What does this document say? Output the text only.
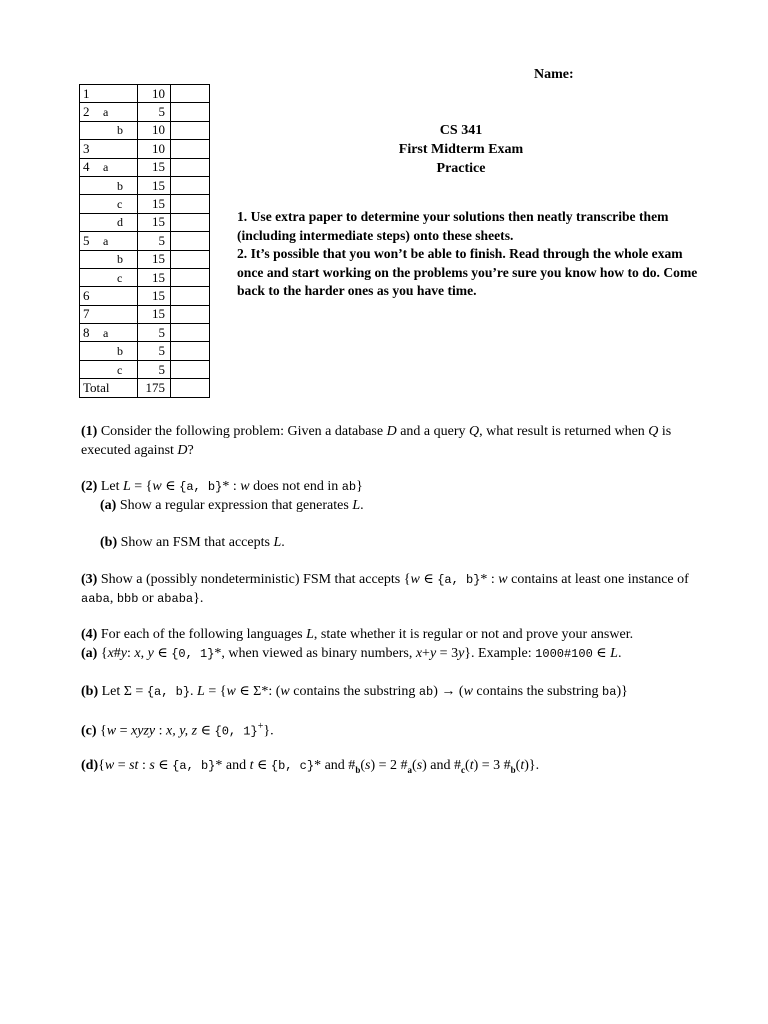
Name:
1	10	
2 a	5	
b	10	
3	10	
4 a	15	
b	15	
c	15	
d	15	
5 a	5	
b	15	
c	15	
6	15	
7	15	
8 a	5	
b	5	
c	5	
Total	175	
CS 341
First Midterm Exam
Practice

1. Use extra paper to determine your solutions then neatly transcribe them (including intermediate steps) onto these sheets.

2. It’s possible that you won’t be able to finish. Read through the whole exam once and start working on the problems you’re sure you know how to do. Come back to the harder ones as you have time.

(1) Consider the following problem: Given a database D and a query Q, what result is returned when Q is executed against D?

(2) Let L = {w ∈ {a, b}* : w does not end in ab}

(a) Show a regular expression that generates L.

(b) Show an FSM that accepts L.

(3) Show a (possibly nondeterministic) FSM that accepts {w ∈ {a, b}* : w contains at least one instance of aaba, bbb or ababa}.

(4) For each of the following languages L, state whether it is regular or not and prove your answer.

(a) {x#y: x, y ∈ {0, 1}*, when viewed as binary numbers, x+y = 3y}. Example: 1000#100 ∈ L.

(b) Let Σ = {a, b}. L = {w ∈ Σ*: (w contains the substring ab) → (w contains the substring ba)}

(c) {w = xyzy : x, y, z ∈ {0, 1}+}.

(d){w = st : s ∈ {a, b}* and t ∈ {b, c}* and $\#_b(s) = 2$ $\#_a(s)$ and $\#_c(t) = 3$ $\#_b(t)$}.
